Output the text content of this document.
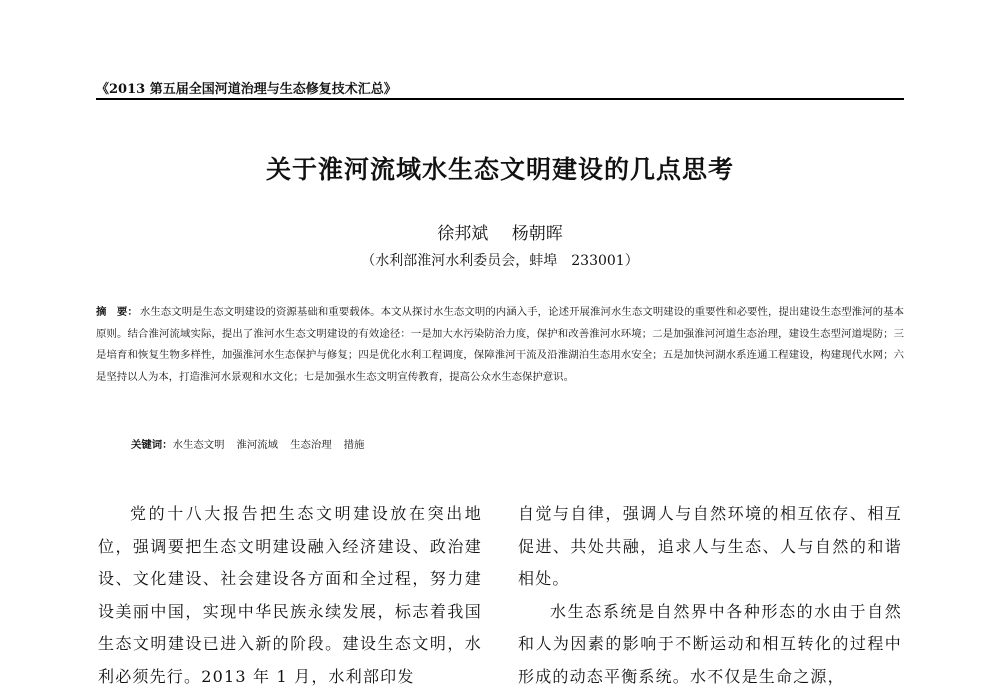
《2013 第五届全国河道治理与生态修复技术汇总》
关于淮河流域水生态文明建设的几点思考
徐邦斌 杨朝晖
（水利部淮河水利委员会，蚌埠　233001）
摘　要： 水生态文明是生态文明建设的资源基础和重要载体。本文从探讨水生态文明的内涵入手，论述开展淮河水生态文明建设的重要性和必要性，提出建设生态型淮河的基本原则。结合淮河流域实际，提出了淮河水生态文明建设的有效途径：一是加大水污染防治力度，保护和改善淮河水环境；二是加强淮河河道生态治理，建设生态型河道堤防；三是培育和恢复生物多样性，加强淮河水生态保护与修复；四是优化水利工程调度，保障淮河干流及沿淮湖泊生态用水安全；五是加快河湖水系连通工程建设，构建现代水网；六是坚持以人为本，打造淮河水景观和水文化；七是加强水生态文明宣传教育，提高公众水生态保护意识。
关键词：水生态文明 淮河流域 生态治理 措施

党的十八大报告把生态文明建设放在突出地位，强调要把生态文明建设融入经济建设、政治建设、文化建设、社会建设各方面和全过程，努力建设美丽中国，实现中华民族永续发展，标志着我国生态文明建设已进入新的阶段。建设生态文明，水利必须先行。2013 年 1 月，水利部印发

自觉与自律，强调人与自然环境的相互依存、相互促进、共处共融，追求人与生态、人与自然的和谐相处。

水生态系统是自然界中各种形态的水由于自然和人为因素的影响于不断运动和相互转化的过程中形成的动态平衡系统。水不仅是生命之源，
